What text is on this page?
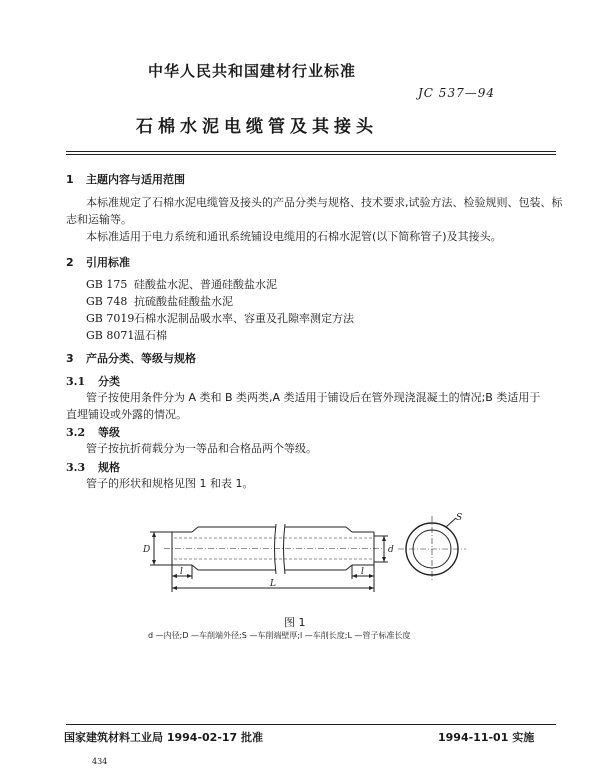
中华人民共和国建材行业标准
JC 537—94
石棉水泥电缆管及其接头
1 主题内容与适用范围
本标准规定了石棉水泥电缆管及接头的产品分类与规格、技术要求,试验方法、检验规则、包装、标
志和运输等。
本标准适用于电力系统和通讯系统铺设电缆用的石棉水泥管(以下简称管子)及其接头。
2 引用标准
GB 175 硅酸盐水泥、普通硅酸盐水泥
GB 748 抗硫酸盐硅酸盐水泥
GB 7019石棉水泥制品吸水率、容重及孔隙率测定方法
GB 8071温石棉
3 产品分类、等级与规格
3.1 分类
管子按使用条件分为 A 类和 B 类两类,A 类适用于铺设后在管外现浇混凝土的情况;B 类适用于
直埋铺设或外露的情况。
3.2 等级
管子按抗折荷载分为一等品和合格品两个等级。
3.3 规格
管子的形状和规格见图 1 和表 1。
D	d
l	l
L
S
图 1
d —内径;D —车削端外径;S —车削端壁厚;l —车削长度;L —管子标准长度
国家建筑材料工业局 1994-02-17 批准	1994-11-01 实施
434
